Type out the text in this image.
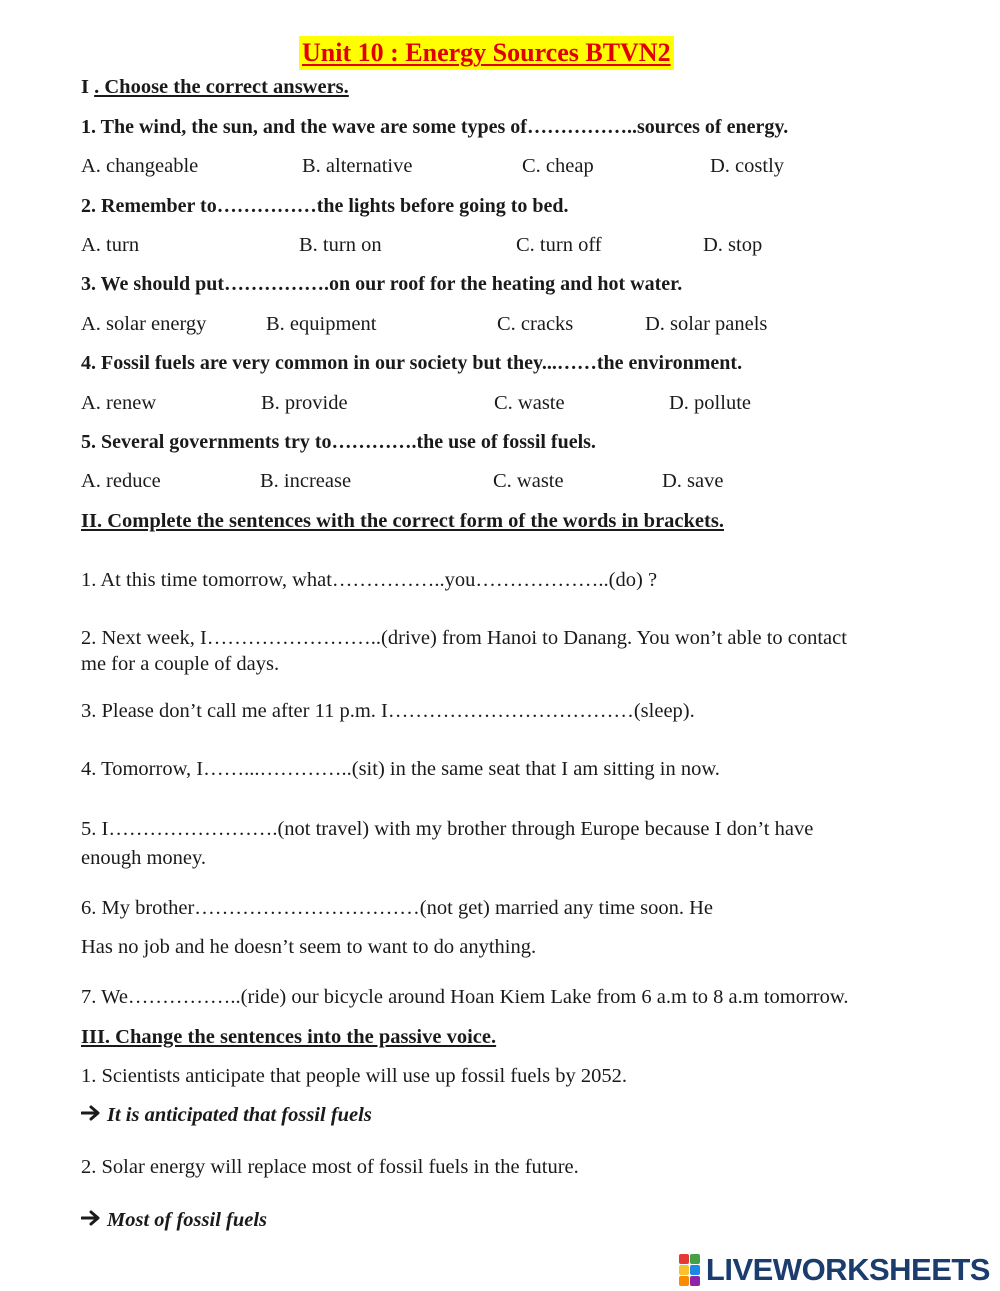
Unit 10 : Energy Sources BTVN2
I . Choose the correct answers.
1. The wind, the sun, and the wave are some types of……………..sources of energy.
A. changeable	B. alternative	C. cheap	D. costly
2. Remember to……………the lights before going to bed.
A. turn	B. turn on	C. turn off	D. stop
3. We should put…………….on our roof for the heating and hot water.
A. solar energy	B. equipment	C. cracks	D. solar panels
4. Fossil fuels are very common in our society but they...……the environment.
A. renew	B. provide	C. waste	D. pollute
5. Several governments try to………….the use of fossil fuels.
A. reduce	B. increase	C. waste	D. save
II. Complete the sentences with the correct form of the words in brackets.
1. At this time tomorrow, what……………..you………………..(do) ?
2. Next week, I……………………..(drive) from Hanoi to Danang. You won’t able to contact
me for a couple of days.
3. Please don’t call me after 11 p.m. I………………………………(sleep).
4. Tomorrow, I……...…………..(sit) in the same seat that I am sitting in now.
5. I…………………….(not travel) with my brother through Europe because I don’t have
enough money.
6. My brother……………………………(not get) married any time soon. He
Has no job and he doesn’t seem to want to do anything.
7. We……………..(ride) our bicycle around Hoan Kiem Lake from 6 a.m to 8 a.m tomorrow.
III. Change the sentences into the passive voice.
1. Scientists anticipate that people will use up fossil fuels by 2052.
It is anticipated that fossil fuels
2. Solar energy will replace most of fossil fuels in the future.
Most of fossil fuels
LIVEWORKSHEETS
